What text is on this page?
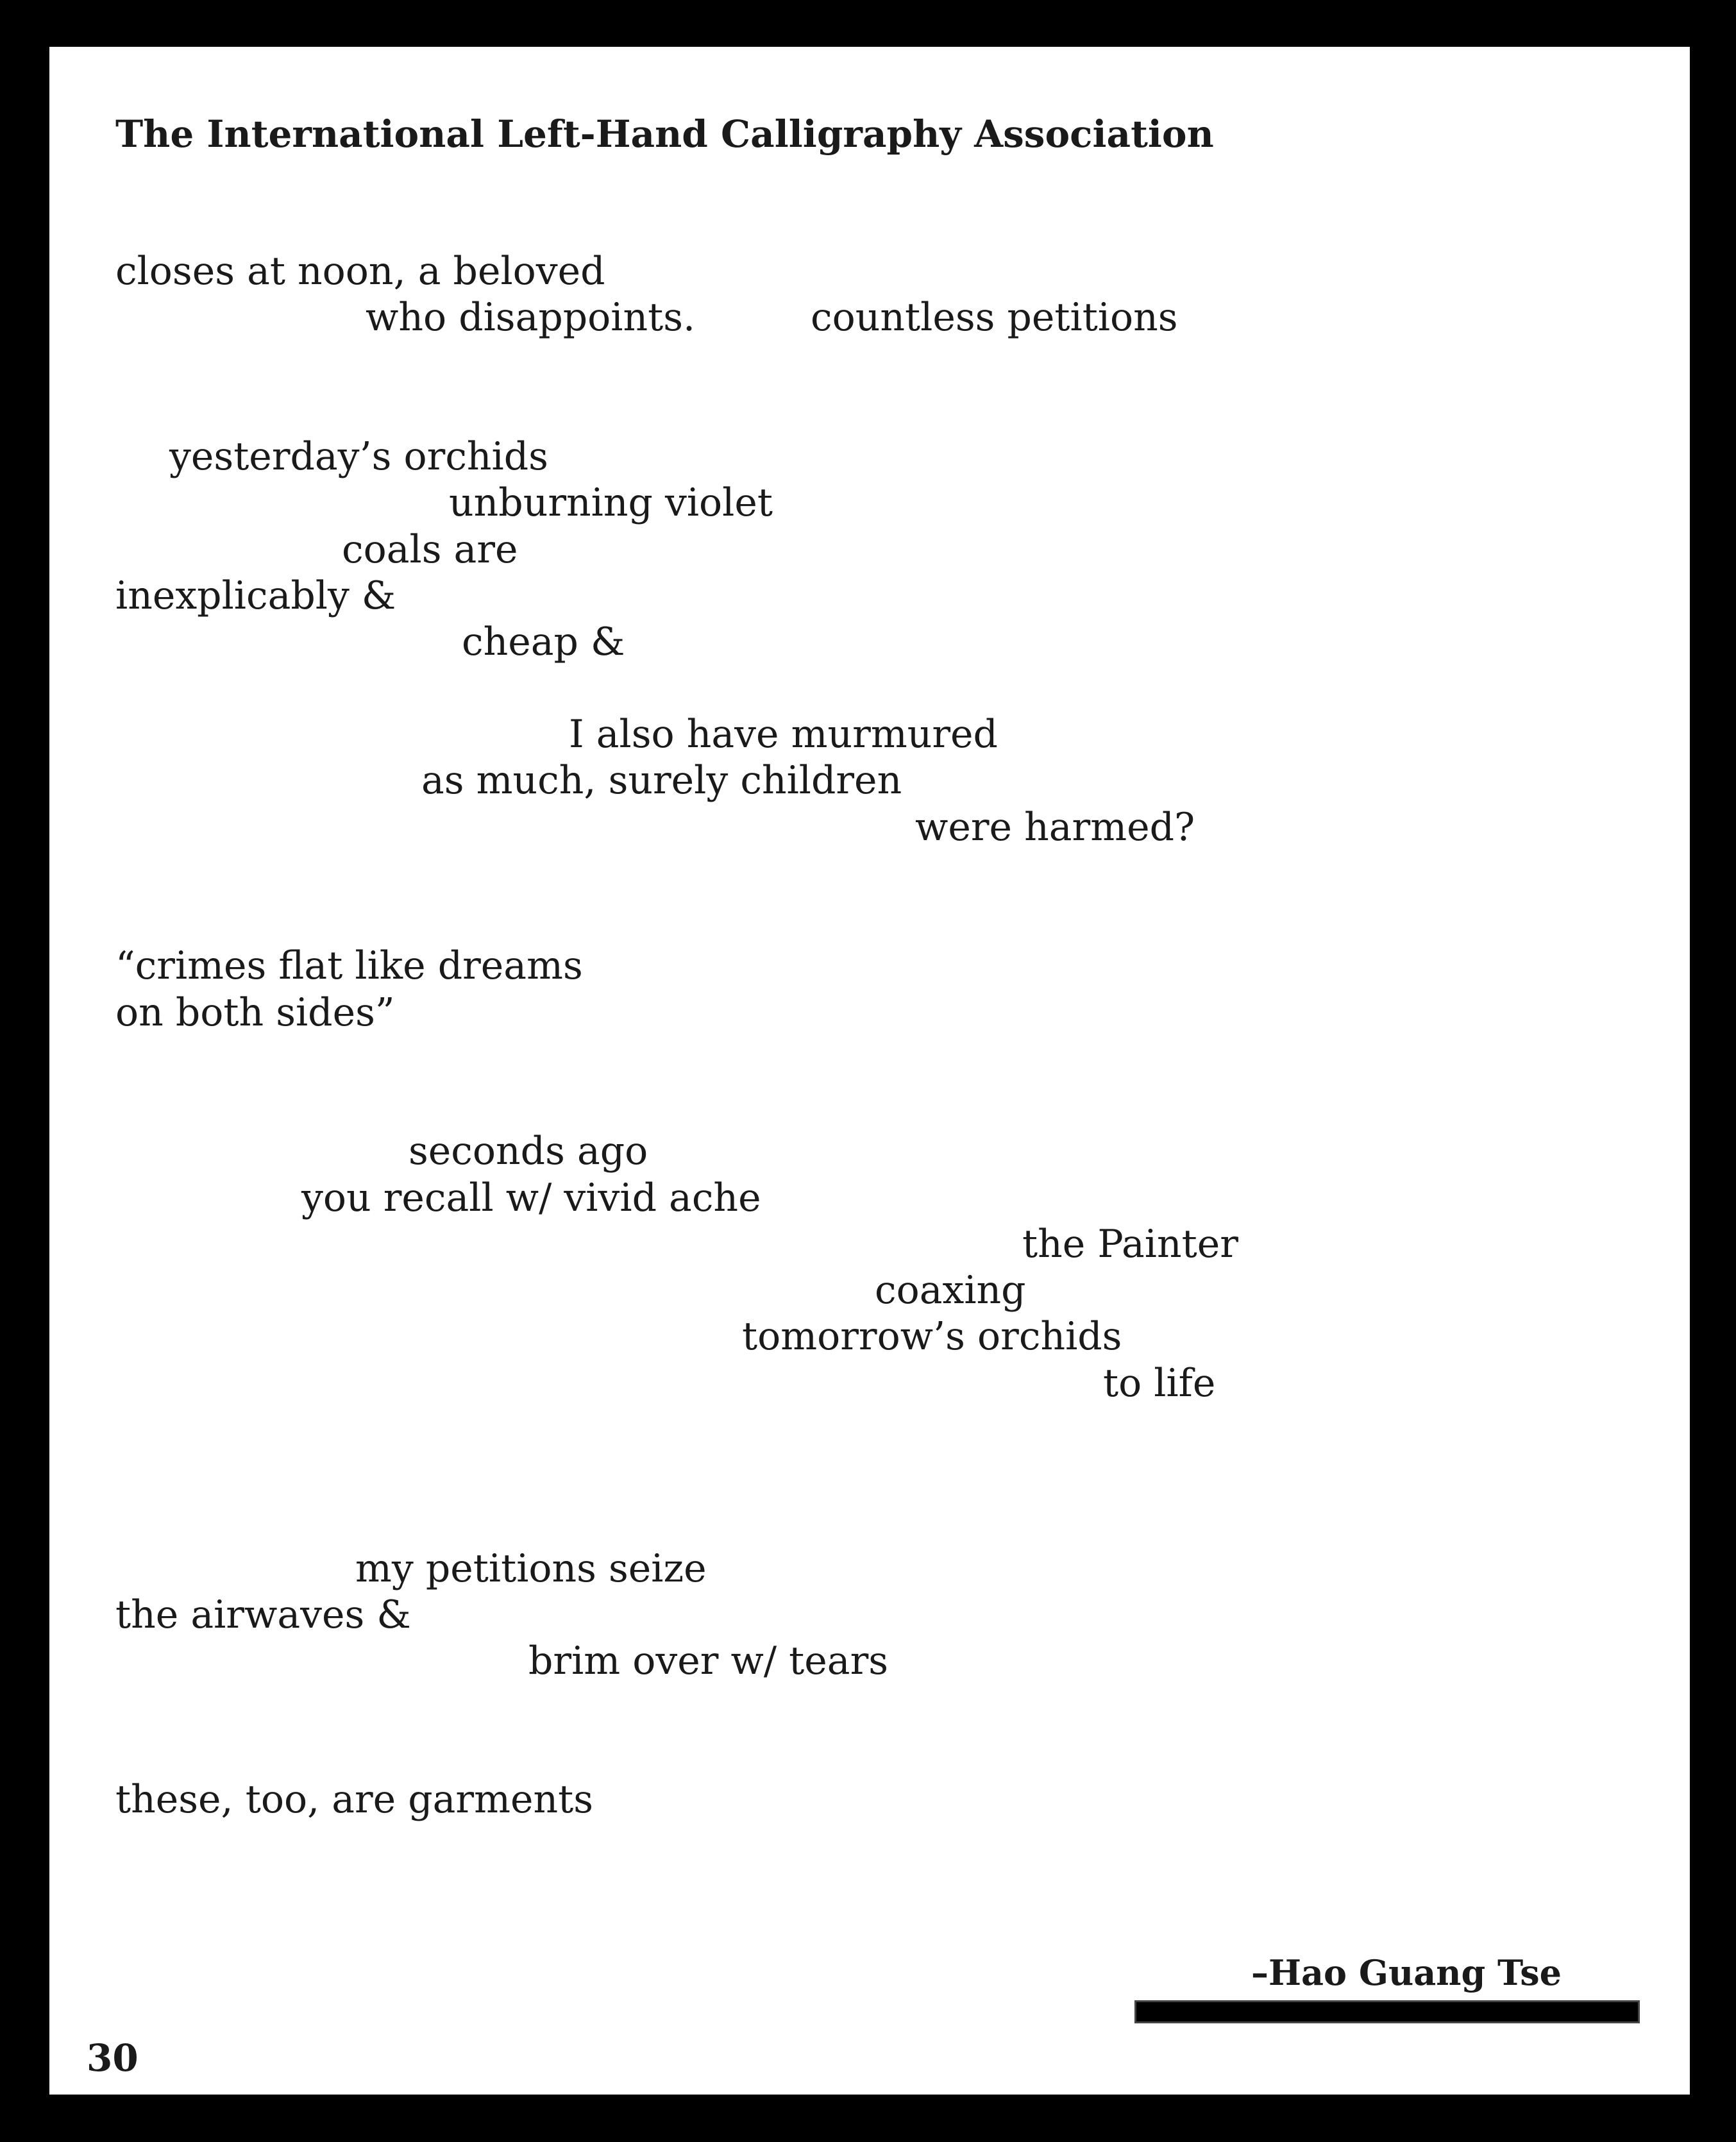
The International Left-Hand Calligraphy Association
closes at noon, a beloved
who disappoints.	countless petitions
yesterday’s orchids
unburning violet
coals are
inexplicably &
cheap &
I also have murmured
as much, surely children
were harmed?
“crimes flat like dreams
on both sides”
seconds ago
you recall w/ vivid ache
the Painter
coaxing
tomorrow’s orchids
to life
my petitions seize
the airwaves &
brim over w/ tears
these, too, are garments
–Hao Guang Tse
30
